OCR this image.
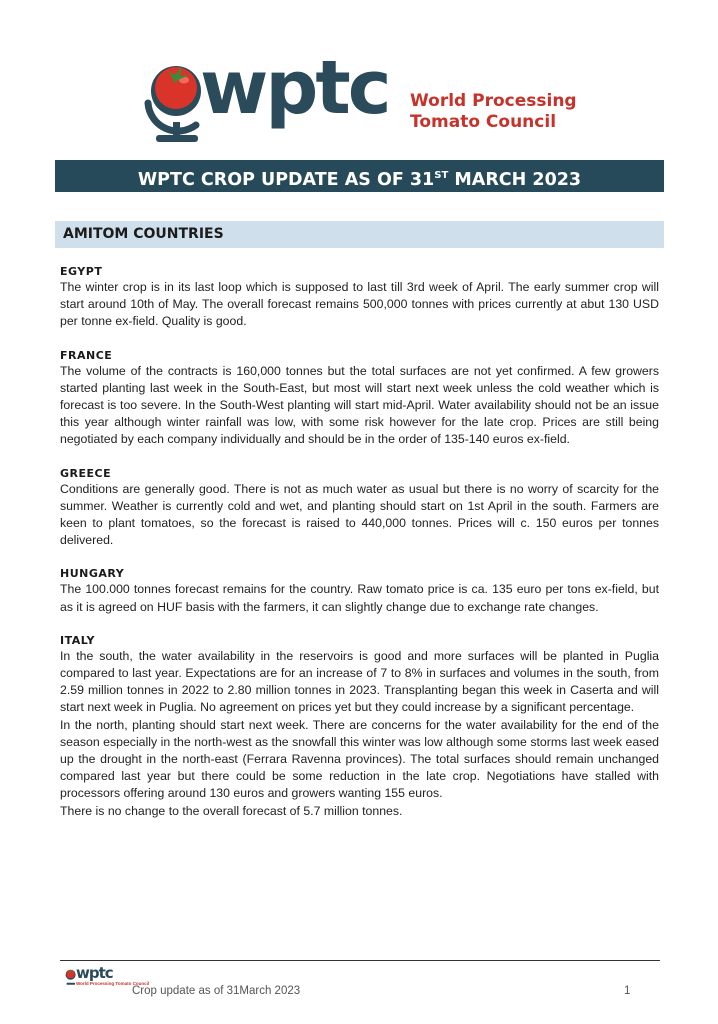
wptc World Processing
Tomato Council
WPTC CROP UPDATE AS OF 31ST MARCH 2023
AMITOM COUNTRIES
EGYPT

The winter crop is in its last loop which is supposed to last till 3rd week of April. The early summer crop will start around 10th of May. The overall forecast remains 500,000 tonnes with prices currently at abut 130 USD per tonne ex-field. Quality is good.

FRANCE

The volume of the contracts is 160,000 tonnes but the total surfaces are not yet confirmed. A few growers started planting last week in the South-East, but most will start next week unless the cold weather which is forecast is too severe. In the South-West planting will start mid-April. Water availability should not be an issue this year although winter rainfall was low, with some risk however for the late crop. Prices are still being negotiated by each company individually and should be in the order of 135-140 euros ex-field.

GREECE

Conditions are generally good. There is not as much water as usual but there is no worry of scarcity for the summer. Weather is currently cold and wet, and planting should start on 1st April in the south. Farmers are keen to plant tomatoes, so the forecast is raised to 440,000 tonnes. Prices will c. 150 euros per tonnes delivered.

HUNGARY

The 100.000 tonnes forecast remains for the country. Raw tomato price is ca. 135 euro per tons ex-field, but as it is agreed on HUF basis with the farmers, it can slightly change due to exchange rate changes.

ITALY

In the south, the water availability in the reservoirs is good and more surfaces will be planted in Puglia compared to last year. Expectations are for an increase of 7 to 8% in surfaces and volumes in the south, from 2.59 million tonnes in 2022 to 2.80 million tonnes in 2023. Transplanting began this week in Caserta and will start next week in Puglia. No agreement on prices yet but they could increase by a significant percentage.

In the north, planting should start next week. There are concerns for the water availability for the end of the season especially in the north-west as the snowfall this winter was low although some storms last week eased up the drought in the north-east (Ferrara Ravenna provinces). The total surfaces should remain unchanged compared last year but there could be some reduction in the late crop. Negotiations have stalled with processors offering around 130 euros and growers wanting 155 euros.

There is no change to the overall forecast of 5.7 million tonnes.

wptc
World Processing Tomato Council
Crop update as of 31March 2023	1
